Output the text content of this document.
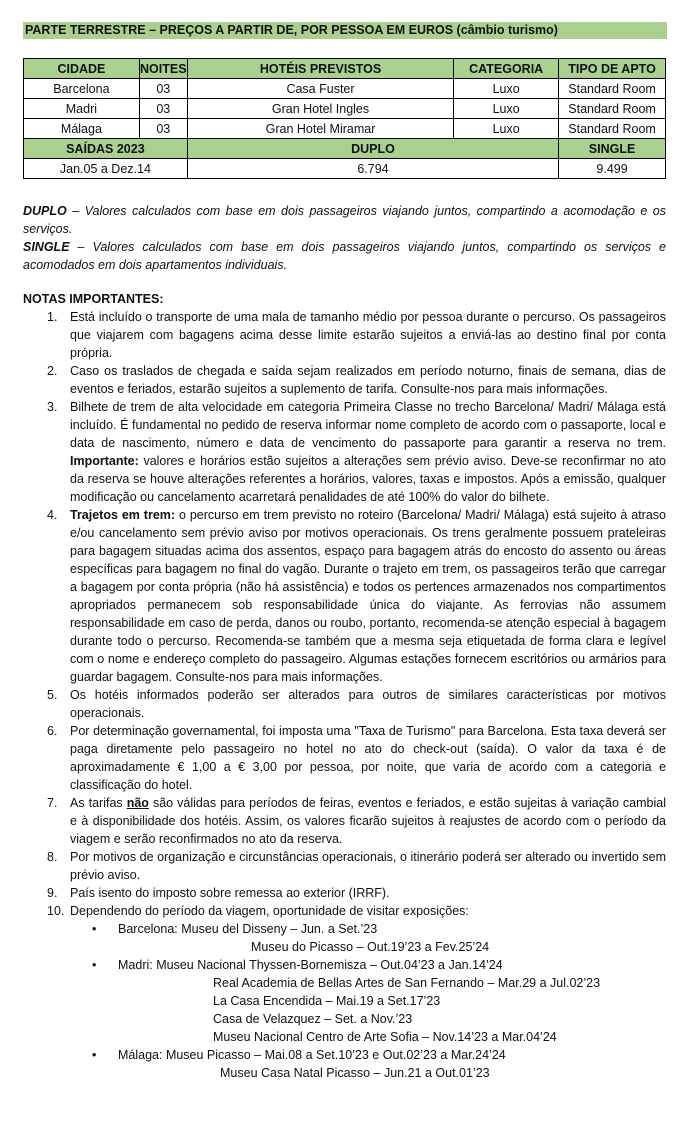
PARTE TERRESTRE – PREÇOS A PARTIR DE, POR PESSOA EM EUROS (câmbio turismo)
CIDADE	NOITES	HOTÉIS PREVISTOS	CATEGORIA	TIPO DE APTO
Barcelona	03	Casa Fuster	Luxo	Standard Room
Madri	03	Gran Hotel Ingles	Luxo	Standard Room
Málaga	03	Gran Hotel Miramar	Luxo	Standard Room
SAÍDAS 2023		DUPLO		SINGLE
Jan.05 a Dez.14		6.794		9.499
DUPLO – Valores calculados com base em dois passageiros viajando juntos, compartindo a acomodação e os serviços.
SINGLE – Valores calculados com base em dois passageiros viajando juntos, compartindo os serviços e acomodados em dois apartamentos individuais.
NOTAS IMPORTANTES:
1. Está incluído o transporte de uma mala de tamanho médio por pessoa durante o percurso. Os passageiros que viajarem com bagagens acima desse limite estarão sujeitos a enviá-las ao destino final por conta própria.
2. Caso os traslados de chegada e saída sejam realizados em período noturno, finais de semana, dias de eventos e feriados, estarão sujeitos a suplemento de tarifa. Consulte-nos para mais informações.
3. Bilhete de trem de alta velocidade em categoria Primeira Classe no trecho Barcelona/ Madri/ Málaga está incluído. É fundamental no pedido de reserva informar nome completo de acordo com o passaporte, local e data de nascimento, número e data de vencimento do passaporte para garantir a reserva no trem. Importante: valores e horários estão sujeitos a alterações sem prévio aviso. Deve-se reconfirmar no ato da reserva se houve alterações referentes a horários, valores, taxas e impostos. Após a emissão, qualquer modificação ou cancelamento acarretará penalidades de até 100% do valor do bilhete.
4. Trajetos em trem: o percurso em trem previsto no roteiro (Barcelona/ Madri/ Málaga) está sujeito à atraso e/ou cancelamento sem prévio aviso por motivos operacionais. Os trens geralmente possuem prateleiras para bagagem situadas acima dos assentos, espaço para bagagem atrás do encosto do assento ou áreas específicas para bagagem no final do vagão. Durante o trajeto em trem, os passageiros terão que carregar a bagagem por conta própria (não há assistência) e todos os pertences armazenados nos compartimentos apropriados permanecem sob responsabilidade única do viajante. As ferrovias não assumem responsabilidade em caso de perda, danos ou roubo, portanto, recomenda-se atenção especial à bagagem durante todo o percurso. Recomenda-se também que a mesma seja etiquetada de forma clara e legível com o nome e endereço completo do passageiro. Algumas estações fornecem escritórios ou armários para guardar bagagem. Consulte-nos para mais informações.
5. Os hotéis informados poderão ser alterados para outros de similares características por motivos operacionais.
6. Por determinação governamental, foi imposta uma "Taxa de Turismo" para Barcelona. Esta taxa deverá ser paga diretamente pelo passageiro no hotel no ato do check-out (saída). O valor da taxa é de aproximadamente € 1,00 a € 3,00 por pessoa, por noite, que varia de acordo com a categoria e classificação do hotel.
7. As tarifas não são válidas para períodos de feiras, eventos e feriados, e estão sujeitas à variação cambial e à disponibilidade dos hotéis. Assim, os valores ficarão sujeitos à reajustes de acordo com o período da viagem e serão reconfirmados no ato da reserva.
8. Por motivos de organização e circunstâncias operacionais, o itinerário poderá ser alterado ou invertido sem prévio aviso.
9. País isento do imposto sobre remessa ao exterior (IRRF).
10. Dependendo do período da viagem, oportunidade de visitar exposições:
• Barcelona: Museu del Disseny – Jun. a Set.’23
Museu do Picasso – Out.19’23 a Fev.25’24
• Madri: Museu Nacional Thyssen-Bornemisza – Out.04’23 a Jan.14’24
Real Academia de Bellas Artes de San Fernando – Mar.29 a Jul.02’23
La Casa Encendida – Mai.19 a Set.17’23
Casa de Velazquez – Set. a Nov.’23
Museu Nacional Centro de Arte Sofia – Nov.14’23 a Mar.04’24
• Málaga: Museu Picasso – Mai.08 a Set.10’23 e Out.02’23 a Mar.24’24
Museu Casa Natal Picasso – Jun.21 a Out.01’23
